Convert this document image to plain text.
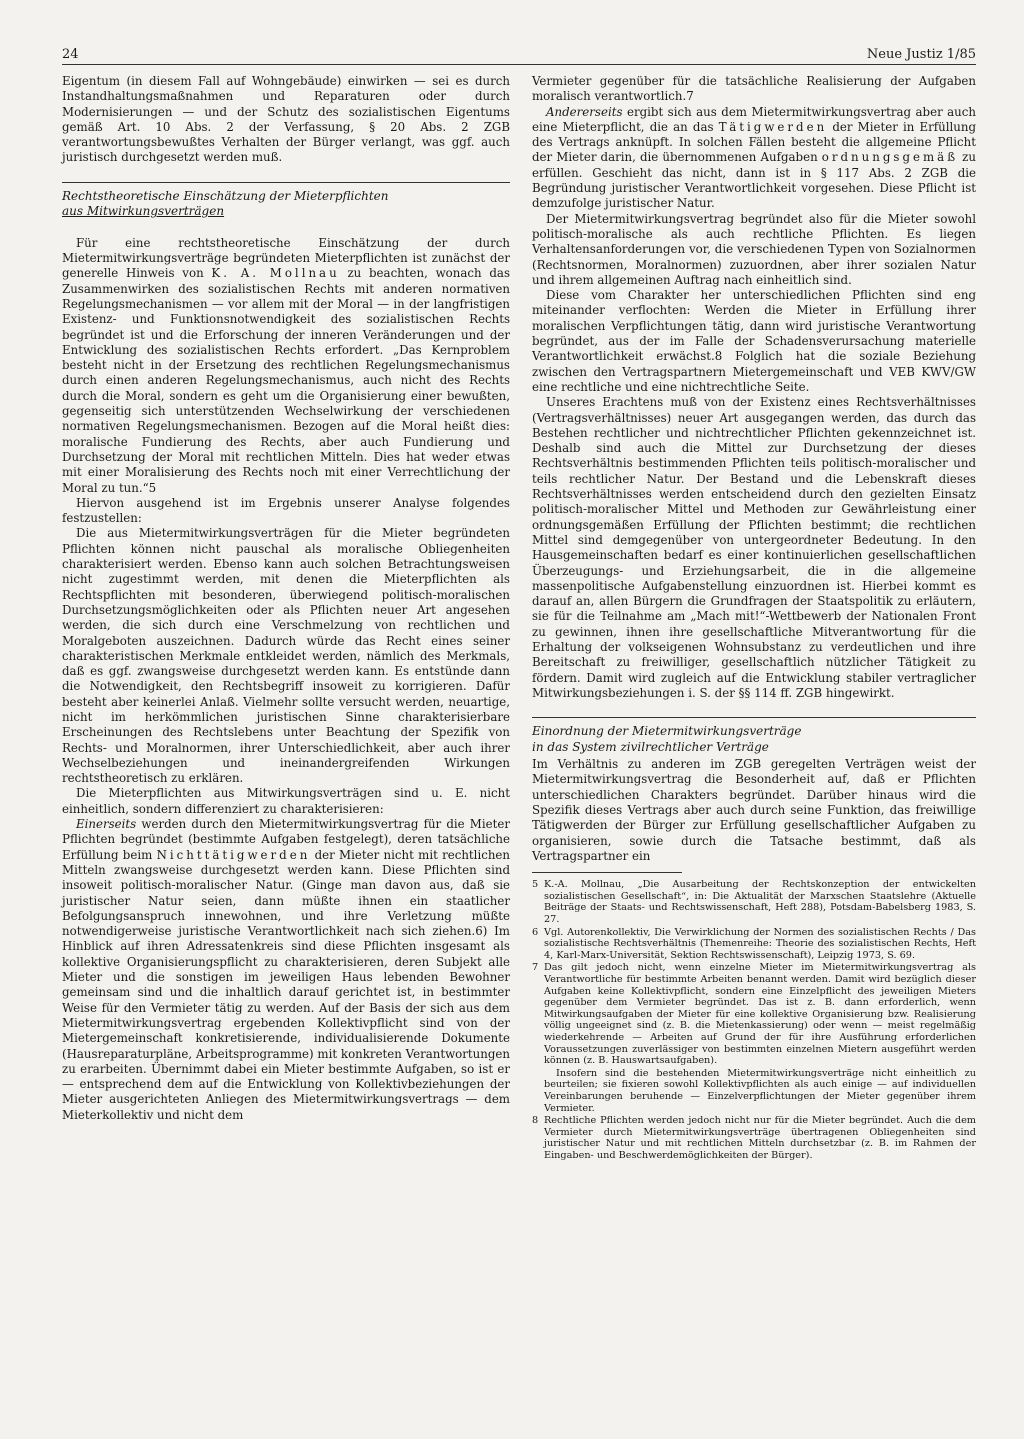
24	Neue Justiz 1/85

Eigentum (in diesem Fall auf Wohngebäude) einwirken — sei es durch Instandhaltungsmaßnahmen und Reparaturen oder durch Modernisierungen — und der Schutz des sozialistischen Eigentums gemäß Art. 10 Abs. 2 der Verfassung, § 20 Abs. 2 ZGB verantwortungsbewußtes Verhalten der Bürger verlangt, was ggf. auch juristisch durchgesetzt werden muß.

Rechtstheoretische Einschätzung der Mieterpflichten
aus Mitwirkungsverträgen

Für eine rechtstheoretische Einschätzung der durch Mietermitwirkungsverträge begründeten Mieterpflichten ist zunächst der generelle Hinweis von K. A. Mollnau zu beachten, wonach das Zusammenwirken des sozialistischen Rechts mit anderen normativen Regelungsmechanismen — vor allem mit der Moral — in der langfristigen Existenz- und Funktionsnotwendigkeit des sozialistischen Rechts begründet ist und die Erforschung der inneren Veränderungen und der Entwicklung des sozialistischen Rechts erfordert. „Das Kernproblem besteht nicht in der Ersetzung des rechtlichen Regelungsmechanismus durch einen anderen Regelungsmechanismus, auch nicht des Rechts durch die Moral, sondern es geht um die Organisierung einer bewußten, gegenseitig sich unterstützenden Wechselwirkung der verschiedenen normativen Regelungsmechanismen. Bezogen auf die Moral heißt dies: moralische Fundierung des Rechts, aber auch Fundierung und Durchsetzung der Moral mit rechtlichen Mitteln. Dies hat weder etwas mit einer Moralisierung des Rechts noch mit einer Verrechtlichung der Moral zu tun.“5

Hiervon ausgehend ist im Ergebnis unserer Analyse folgendes festzustellen:

Die aus Mietermitwirkungsverträgen für die Mieter begründeten Pflichten können nicht pauschal als moralische Obliegenheiten charakterisiert werden. Ebenso kann auch solchen Betrachtungsweisen nicht zugestimmt werden, mit denen die Mieterpflichten als Rechtspflichten mit besonderen, überwiegend politisch-moralischen Durchsetzungsmöglichkeiten oder als Pflichten neuer Art angesehen werden, die sich durch eine Verschmelzung von rechtlichen und Moralgeboten auszeichnen. Dadurch würde das Recht eines seiner charakteristischen Merkmale entkleidet werden, nämlich des Merkmals, daß es ggf. zwangsweise durchgesetzt werden kann. Es entstünde dann die Notwendigkeit, den Rechtsbegriff insoweit zu korrigieren. Dafür besteht aber keinerlei Anlaß. Vielmehr sollte versucht werden, neuartige, nicht im herkömmlichen juristischen Sinne charakterisierbare Erscheinungen des Rechtslebens unter Beachtung der Spezifik von Rechts- und Moralnormen, ihrer Unterschiedlichkeit, aber auch ihrer Wechselbeziehungen und ineinandergreifenden Wirkungen rechtstheoretisch zu erklären.

Die Mieterpflichten aus Mitwirkungsverträgen sind u. E. nicht einheitlich, sondern differenziert zu charakterisieren:

Einerseits werden durch den Mietermitwirkungsvertrag für die Mieter Pflichten begründet (bestimmte Aufgaben festgelegt), deren tatsächliche Erfüllung beim Nichttätigwerden der Mieter nicht mit rechtlichen Mitteln zwangsweise durchgesetzt werden kann. Diese Pflichten sind insoweit politisch-moralischer Natur. (Ginge man davon aus, daß sie juristischer Natur seien, dann müßte ihnen ein staatlicher Befolgungsanspruch innewohnen, und ihre Verletzung müßte notwendigerweise juristische Verantwortlichkeit nach sich ziehen.6) Im Hinblick auf ihren Adressatenkreis sind diese Pflichten insgesamt als kollektive Organisierungspflicht zu charakterisieren, deren Subjekt alle Mieter und die sonstigen im jeweiligen Haus lebenden Bewohner gemeinsam sind und die inhaltlich darauf gerichtet ist, in bestimmter Weise für den Vermieter tätig zu werden. Auf der Basis der sich aus dem Mietermitwirkungsvertrag ergebenden Kollektivpflicht sind von der Mietergemeinschaft konkretisierende, individualisierende Dokumente (Hausreparaturpläne, Arbeitsprogramme) mit konkreten Verantwortungen zu erarbeiten. Übernimmt dabei ein Mieter bestimmte Aufgaben, so ist er — entsprechend dem auf die Entwicklung von Kollektivbeziehungen der Mieter ausgerichteten Anliegen des Mietermitwirkungsvertrags — dem Mieterkollektiv und nicht dem

Vermieter gegenüber für die tatsächliche Realisierung der Aufgaben moralisch verantwortlich.7

Andererseits ergibt sich aus dem Mietermitwirkungsvertrag aber auch eine Mieterpflicht, die an das Tätigwerden der Mieter in Erfüllung des Vertrags anknüpft. In solchen Fällen besteht die allgemeine Pflicht der Mieter darin, die übernommenen Aufgaben ordnungsgemäß zu erfüllen. Geschieht das nicht, dann ist in § 117 Abs. 2 ZGB die Begründung juristischer Verantwortlichkeit vorgesehen. Diese Pflicht ist demzufolge juristischer Natur.

Der Mietermitwirkungsvertrag begründet also für die Mieter sowohl politisch-moralische als auch rechtliche Pflichten. Es liegen Verhaltensanforderungen vor, die verschiedenen Typen von Sozialnormen (Rechtsnormen, Moralnormen) zuzuordnen, aber ihrer sozialen Natur und ihrem allgemeinen Auftrag nach einheitlich sind.

Diese vom Charakter her unterschiedlichen Pflichten sind eng miteinander verflochten: Werden die Mieter in Erfüllung ihrer moralischen Verpflichtungen tätig, dann wird juristische Verantwortung begründet, aus der im Falle der Schadensverursachung materielle Verantwortlichkeit erwächst.8 Folglich hat die soziale Beziehung zwischen den Vertragspartnern Mietergemeinschaft und VEB KWV/GW eine rechtliche und eine nichtrechtliche Seite.

Unseres Erachtens muß von der Existenz eines Rechtsverhältnisses (Vertragsverhältnisses) neuer Art ausgegangen werden, das durch das Bestehen rechtlicher und nichtrechtlicher Pflichten gekennzeichnet ist. Deshalb sind auch die Mittel zur Durchsetzung der dieses Rechtsverhältnis bestimmenden Pflichten teils politisch-moralischer und teils rechtlicher Natur. Der Bestand und die Lebenskraft dieses Rechtsverhältnisses werden entscheidend durch den gezielten Einsatz politisch-moralischer Mittel und Methoden zur Gewährleistung einer ordnungsgemäßen Erfüllung der Pflichten bestimmt; die rechtlichen Mittel sind demgegenüber von untergeordneter Bedeutung. In den Hausgemeinschaften bedarf es einer kontinuierlichen gesellschaftlichen Überzeugungs- und Erziehungsarbeit, die in die allgemeine massenpolitische Aufgabenstellung einzuordnen ist. Hierbei kommt es darauf an, allen Bürgern die Grundfragen der Staatspolitik zu erläutern, sie für die Teilnahme am „Mach mit!“-Wettbewerb der Nationalen Front zu gewinnen, ihnen ihre gesellschaftliche Mitverantwortung für die Erhaltung der volkseigenen Wohnsubstanz zu verdeutlichen und ihre Bereitschaft zu freiwilliger, gesellschaftlich nützlicher Tätigkeit zu fördern. Damit wird zugleich auf die Entwicklung stabiler vertraglicher Mitwirkungsbeziehungen i. S. der §§ 114 ff. ZGB hingewirkt.

Einordnung der Mietermitwirkungsverträge
in das System zivilrechtlicher Verträge

Im Verhältnis zu anderen im ZGB geregelten Verträgen weist der Mietermitwirkungsvertrag die Besonderheit auf, daß er Pflichten unterschiedlichen Charakters begründet. Darüber hinaus wird die Spezifik dieses Vertrags aber auch durch seine Funktion, das freiwillige Tätigwerden der Bürger zur Erfüllung gesellschaftlicher Aufgaben zu organisieren, sowie durch die Tatsache bestimmt, daß als Vertragspartner ein

5 K.-A. Mollnau, „Die Ausarbeitung der Rechtskonzeption der entwickelten sozialistischen Gesellschaft“, in: Die Aktualität der Marxschen Staatslehre (Aktuelle Beiträge der Staats- und Rechtswissenschaft, Heft 288), Potsdam-Babelsberg 1983, S. 27.
6 Vgl. Autorenkollektiv, Die Verwirklichung der Normen des sozialistischen Rechts / Das sozialistische Rechtsverhältnis (Themenreihe: Theorie des sozialistischen Rechts, Heft 4, Karl-Marx-Universität, Sektion Rechtswissenschaft), Leipzig 1973, S. 69.
7 Das gilt jedoch nicht, wenn einzelne Mieter im Mietermitwirkungsvertrag als Verantwortliche für bestimmte Arbeiten benannt werden. Damit wird bezüglich dieser Aufgaben keine Kollektivpflicht, sondern eine Einzelpflicht des jeweiligen Mieters gegenüber dem Vermieter begründet. Das ist z. B. dann erforderlich, wenn Mitwirkungsaufgaben der Mieter für eine kollektive Organisierung bzw. Realisierung völlig ungeeignet sind (z. B. die Mietenkassierung) oder wenn — meist regelmäßig wiederkehrende — Arbeiten auf Grund der für ihre Ausführung erforderlichen Voraussetzungen zuverlässiger von bestimmten einzelnen Mietern ausgeführt werden können (z. B. Hauswartsaufgaben).
Insofern sind die bestehenden Mietermitwirkungsverträge nicht einheitlich zu beurteilen; sie fixieren sowohl Kollektivpflichten als auch einige — auf individuellen Vereinbarungen beruhende — Einzelverpflichtungen der Mieter gegenüber ihrem Vermieter.
8 Rechtliche Pflichten werden jedoch nicht nur für die Mieter begründet. Auch die dem Vermieter durch Mietermitwirkungsverträge übertragenen Obliegenheiten sind juristischer Natur und mit rechtlichen Mitteln durchsetzbar (z. B. im Rahmen der Eingaben- und Beschwerdemöglichkeiten der Bürger).
